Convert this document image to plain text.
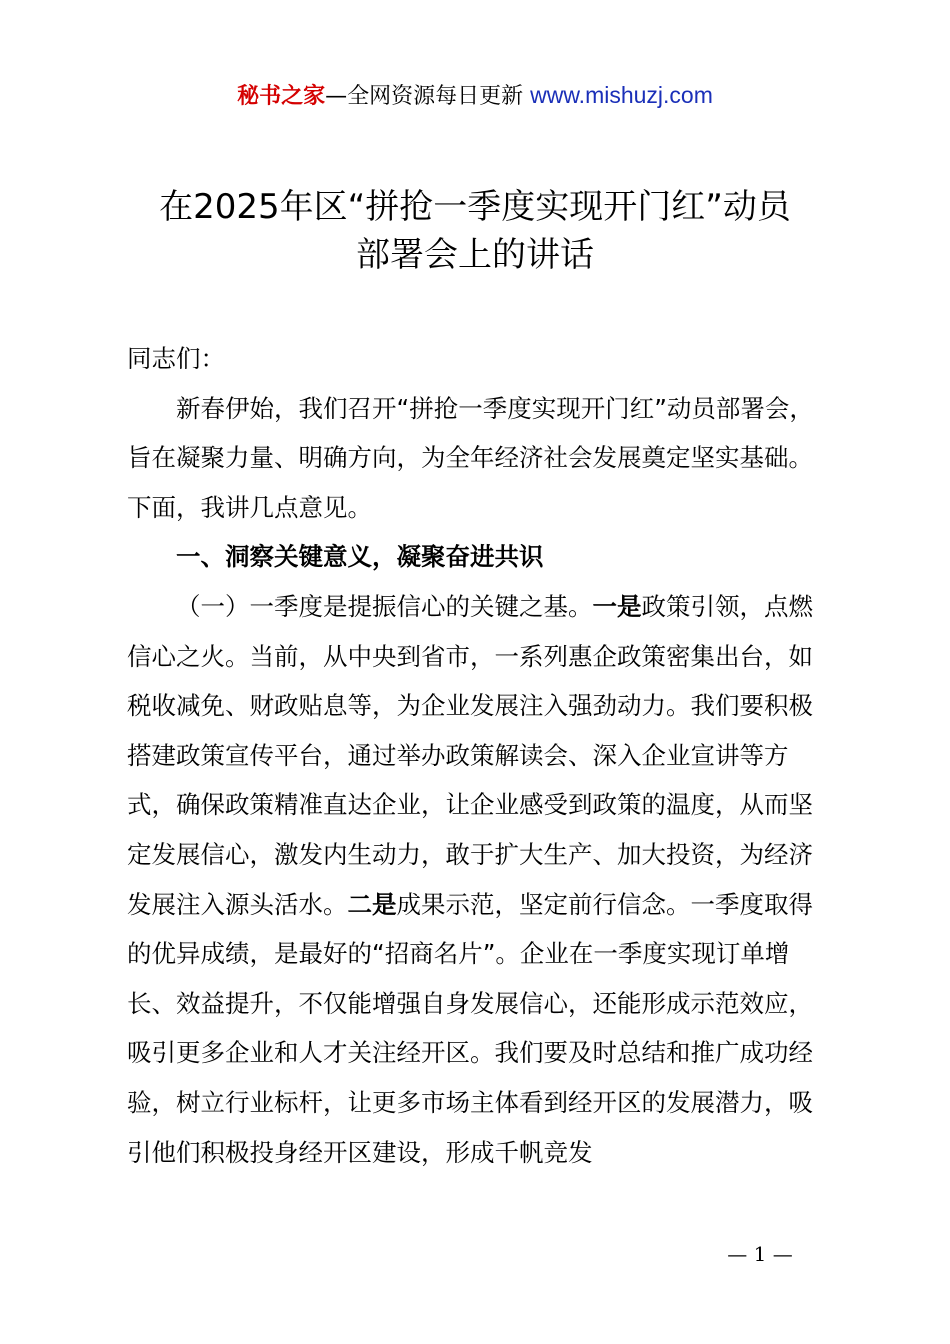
秘书之家—全网资源每日更新 www.mishuzj.com
在2025年区“拼抢一季度实现开门红”动员
部署会上的讲话

同志们：

新春伊始，我们召开“拼抢一季度实现开门红”动员部署会，旨在凝聚力量、明确方向，为全年经济社会发展奠定坚实基础。下面，我讲几点意见。

一、洞察关键意义，凝聚奋进共识

（一）一季度是提振信心的关键之基。一是政策引领，点燃信心之火。当前，从中央到省市，一系列惠企政策密集出台，如税收减免、财政贴息等，为企业发展注入强劲动力。我们要积极搭建政策宣传平台，通过举办政策解读会、深入企业宣讲等方式，确保政策精准直达企业，让企业感受到政策的温度，从而坚定发展信心，激发内生动力，敢于扩大生产、加大投资，为经济发展注入源头活水。二是成果示范，坚定前行信念。一季度取得的优异成绩，是最好的“招商名片”。企业在一季度实现订单增长、效益提升，不仅能增强自身发展信心，还能形成示范效应，吸引更多企业和人才关注经开区。我们要及时总结和推广成功经验，树立行业标杆，让更多市场主体看到经开区的发展潜力，吸引他们积极投身经开区建设，形成千帆竞发

— 1 —
